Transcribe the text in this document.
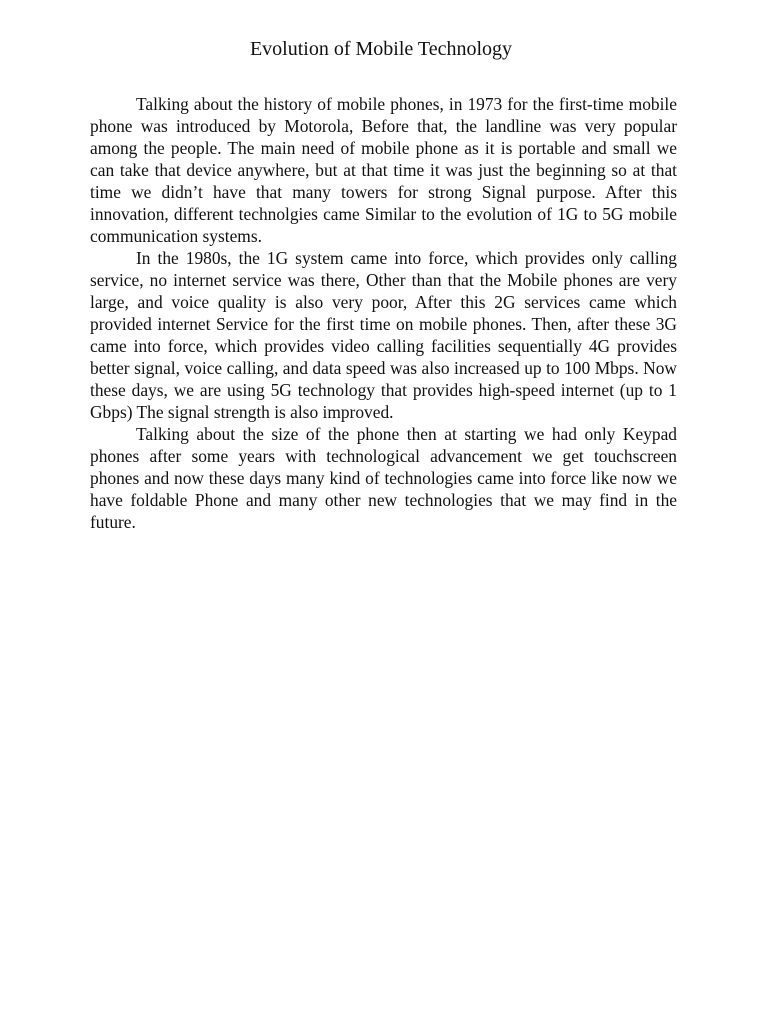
Evolution of Mobile Technology

Talking about the history of mobile phones, in 1973 for the first-time mobile phone was introduced by Motorola, Before that, the landline was very popular among the people. The main need of mobile phone as it is portable and small we can take that device anywhere, but at that time it was just the beginning so at that time we didn’t have that many towers for strong Signal purpose. After this innovation, different technolgies came Similar to the evolution of 1G to 5G mobile communication systems.

In the 1980s, the 1G system came into force, which provides only calling service, no internet service was there, Other than that the Mobile phones are very large, and voice quality is also very poor, After this 2G services came which provided internet Service for the first time on mobile phones. Then, after these 3G came into force, which provides video calling facilities sequentially 4G provides better signal, voice calling, and data speed was also increased up to 100 Mbps. Now these days, we are using 5G technology that provides high-speed internet (up to 1 Gbps) The signal strength is also improved.

Talking about the size of the phone then at starting we had only Keypad phones after some years with technological advancement we get touchscreen phones and now these days many kind of technologies came into force like now we have foldable Phone and many other new technologies that we may find in the future.
